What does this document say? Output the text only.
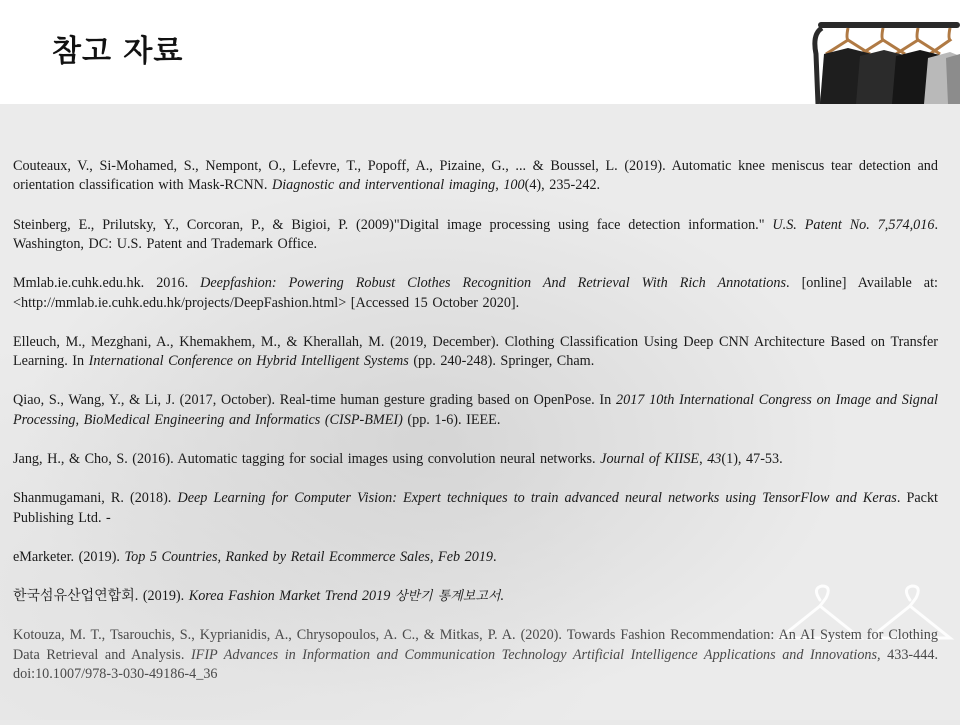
참고 자료

Couteaux, V., Si-Mohamed, S., Nempont, O., Lefevre, T., Popoff, A., Pizaine, G., ... & Boussel, L. (2019). Automatic knee meniscus tear detection and orientation classification with Mask-RCNN. Diagnostic and interventional imaging, 100(4), 235-242.

Steinberg, E., Prilutsky, Y., Corcoran, P., & Bigioi, P. (2009)"Digital image processing using face detection information." U.S. Patent No. 7,574,016. Washington, DC: U.S. Patent and Trademark Office.

Mmlab.ie.cuhk.edu.hk. 2016. Deepfashion: Powering Robust Clothes Recognition And Retrieval With Rich Annotations. [online] Available at: <http://mmlab.ie.cuhk.edu.hk/projects/DeepFashion.html> [Accessed 15 October 2020].

Elleuch, M., Mezghani, A., Khemakhem, M., & Kherallah, M. (2019, December). Clothing Classification Using Deep CNN Architecture Based on Transfer Learning. In International Conference on Hybrid Intelligent Systems (pp. 240-248). Springer, Cham.

Qiao, S., Wang, Y., & Li, J. (2017, October). Real-time human gesture grading based on OpenPose. In 2017 10th International Congress on Image and Signal Processing, BioMedical Engineering and Informatics (CISP-BMEI) (pp. 1-6). IEEE.

Jang, H., & Cho, S. (2016). Automatic tagging for social images using convolution neural networks. Journal of KIISE, 43(1), 47-53.

Shanmugamani, R. (2018). Deep Learning for Computer Vision: Expert techniques to train advanced neural networks using TensorFlow and Keras. Packt Publishing Ltd. -

eMarketer. (2019). Top 5 Countries, Ranked by Retail Ecommerce Sales, Feb 2019.

한국섬유산업연합회. (2019). Korea Fashion Market Trend 2019 상반기 통계보고서.

Kotouza, M. T., Tsarouchis, S., Kyprianidis, A., Chrysopoulos, A. C., & Mitkas, P. A. (2020). Towards Fashion Recommendation: An AI System for Clothing Data Retrieval and Analysis. IFIP Advances in Information and Communication Technology Artificial Intelligence Applications and Innovations, 433-444. doi:10.1007/978-3-030-49186-4_36
